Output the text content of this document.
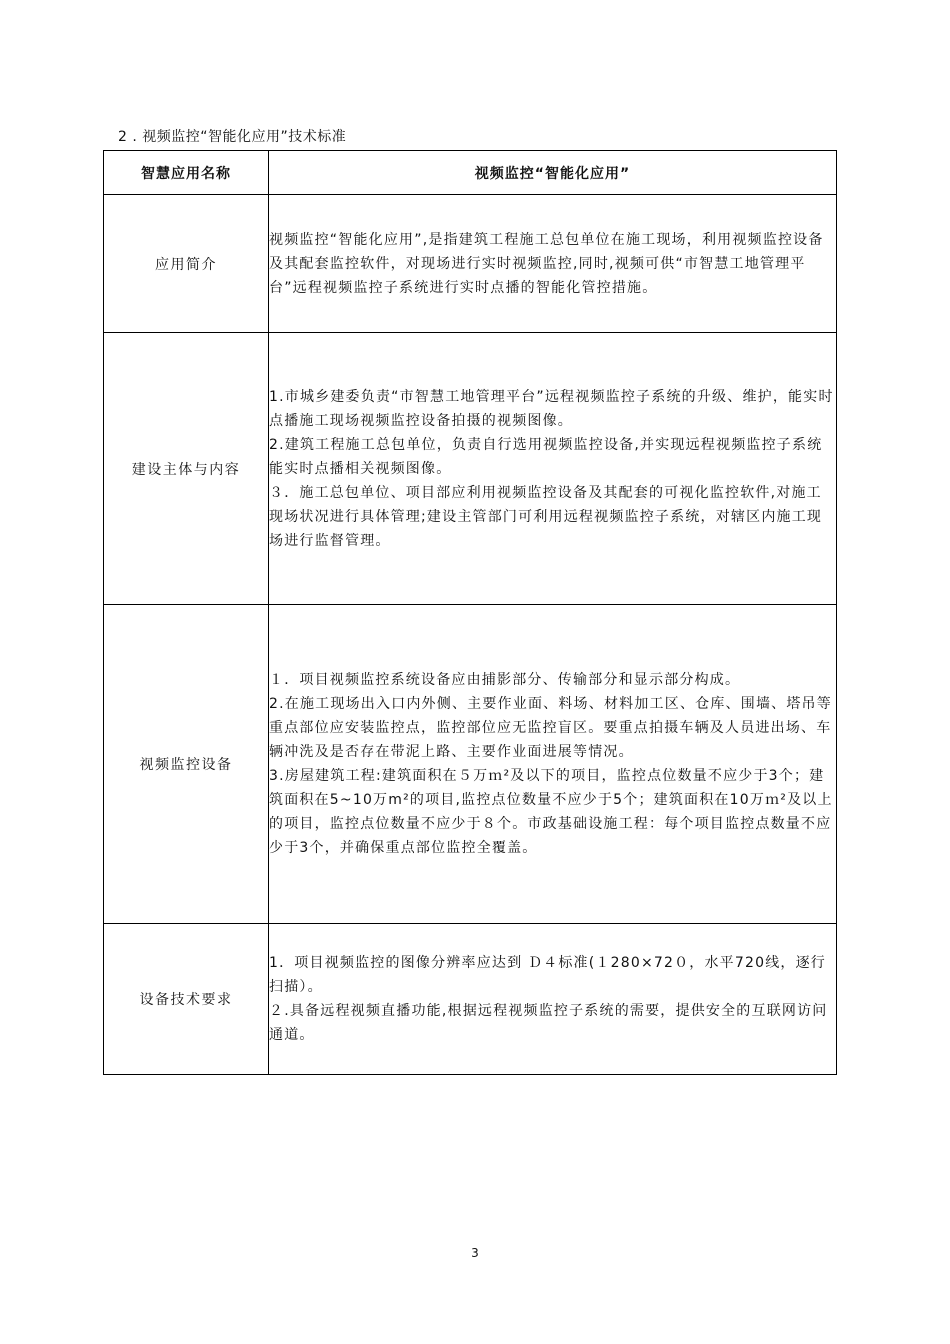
2 . 视频监控“智能化应用”技术标准
智慧应用名称	视频监控“智能化应用”
应用简介	视频监控“智能化应用”,是指建筑工程施工总包单位在施工现场，利用视频监控设备及其配套监控软件，对现场进行实时视频监控,同时,视频可供“市智慧工地管理平台”远程视频监控子系统进行实时点播的智能化管控措施。

建设主体与内容	1.市城乡建委负责“市智慧工地管理平台”远程视频监控子系统的升级、维护，能实时点播施工现场视频监控设备拍摄的视频图像。

2.建筑工程施工总包单位，负责自行选用视频监控设备,并实现远程视频监控子系统能实时点播相关视频图像。

３．施工总包单位、项目部应利用视频监控设备及其配套的可视化监控软件,对施工现场状况进行具体管理;建设主管部门可利用远程视频监控子系统，对辖区内施工现场进行监督管理。

视频监控设备	１．项目视频监控系统设备应由捕影部分、传输部分和显示部分构成。

2.在施工现场出入口内外侧、主要作业面、料场、材料加工区、仓库、围墙、塔吊等重点部位应安装监控点，监控部位应无监控盲区。要重点拍摄车辆及人员进出场、车辆冲洗及是否存在带泥上路、主要作业面进展等情况。

3.房屋建筑工程:建筑面积在５万ｍ²及以下的项目，监控点位数量不应少于3个；建筑面积在5~10万m²的项目,监控点位数量不应少于5个；建筑面积在10万ｍ²及以上的项目，监控点位数量不应少于８个。市政基础设施工程：每个项目监控点数量不应少于3个，并确保重点部位监控全覆盖。

设备技术要求	1．项目视频监控的图像分辨率应达到 Ｄ４标准(１280×72０，水平720线，逐行扫描）。

２.具备远程视频直播功能,根据远程视频监控子系统的需要，提供安全的互联网访问通道。

3
